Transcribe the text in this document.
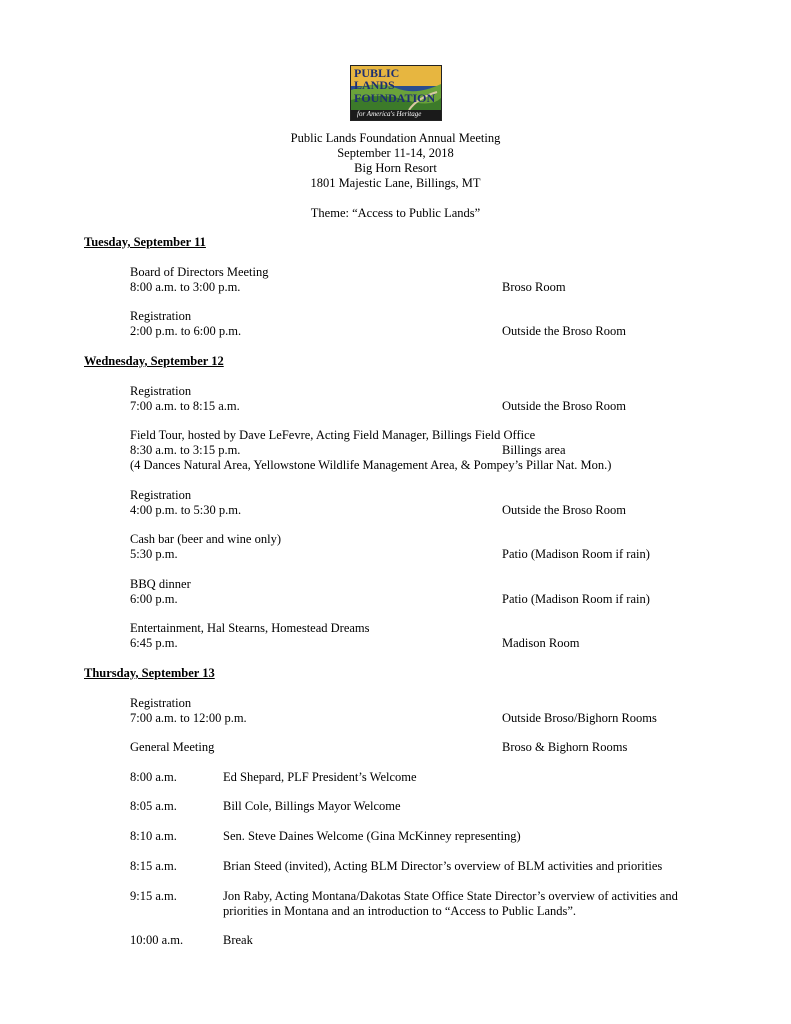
PUBLIC
LANDS
FOUNDATION
for America's Heritage
Public Lands Foundation Annual Meeting
September 11-14, 2018
Big Horn Resort
1801 Majestic Lane, Billings, MT
Theme: “Access to Public Lands”
Tuesday, September 11
Board of Directors Meeting
8:00 a.m. to 3:00 p.m.	Broso Room
Registration
2:00 p.m. to 6:00 p.m.	Outside the Broso Room
Wednesday, September 12
Registration
7:00 a.m. to 8:15 a.m.	Outside the Broso Room
Field Tour, hosted by Dave LeFevre, Acting Field Manager, Billings Field Office
8:30 a.m. to 3:15 p.m.	Billings area
(4 Dances Natural Area, Yellowstone Wildlife Management Area, & Pompey’s Pillar Nat. Mon.)
Registration
4:00 p.m. to 5:30 p.m.	Outside the Broso Room
Cash bar (beer and wine only)
5:30 p.m.	Patio (Madison Room if rain)
BBQ dinner
6:00 p.m.	Patio (Madison Room if rain)
Entertainment, Hal Stearns, Homestead Dreams
6:45 p.m.	Madison Room
Thursday, September 13
Registration
7:00 a.m. to 12:00 p.m.	Outside Broso/Bighorn Rooms
General Meeting	Broso & Bighorn Rooms
8:00 a.m.	Ed Shepard, PLF President’s Welcome
8:05 a.m.	Bill Cole, Billings Mayor Welcome
8:10 a.m.	Sen. Steve Daines Welcome (Gina McKinney representing)
8:15 a.m.	Brian Steed (invited), Acting BLM Director’s overview of BLM activities and priorities
9:15 a.m.	Jon Raby, Acting Montana/Dakotas State Office State Director’s overview of activities and
priorities in Montana and an introduction to “Access to Public Lands”.
10:00 a.m.	Break
